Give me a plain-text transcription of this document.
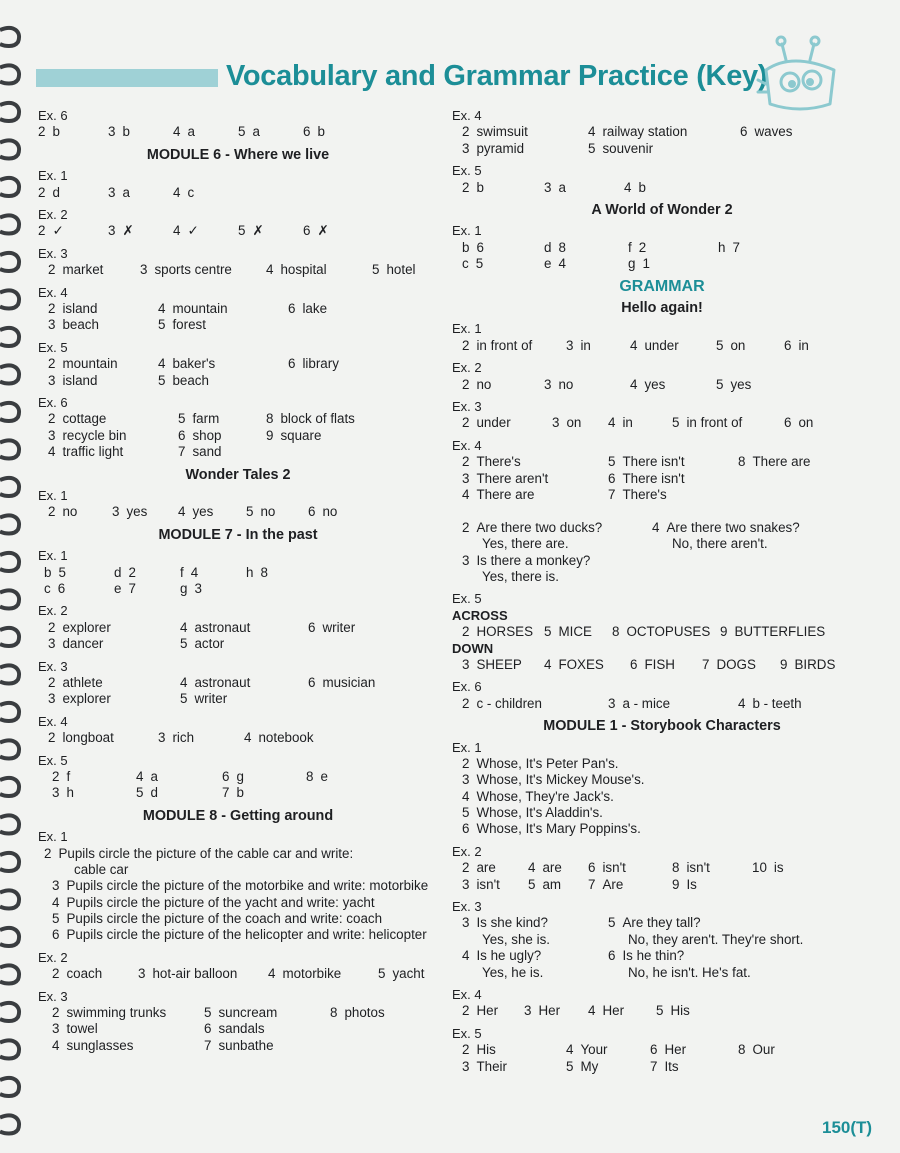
Vocabulary and Grammar Practice (Key)
Ex. 6
2 b	3 b	4 a	5 a	6 b
MODULE 6 - Where we live
Ex. 1
2 d	3 a	4 c
Ex. 2
2 ✓	3 ✗	4 ✓	5 ✗	6 ✗
Ex. 3
2 market	3 sports centre	4 hospital	5 hotel
Ex. 4
2 island	4 mountain	6 lake
3 beach	5 forest
Ex. 5
2 mountain	4 baker's	6 library
3 island	5 beach
Ex. 6
2 cottage	5 farm	8 block of flats
3 recycle bin	6 shop	9 square
4 traffic light	7 sand
Wonder Tales 2
Ex. 1
2 no	3 yes 4 yes 5 no 6 no
MODULE 7 - In the past
Ex. 1
b 5	d 2	f 4	h 8
c 6	e 7	g 3
Ex. 2
2 explorer	4 astronaut	6 writer
3 dancer	5 actor
Ex. 3
2 athlete	4 astronaut	6 musician
3 explorer	5 writer
Ex. 4
2 longboat	3 rich	4 notebook
Ex. 5
2 f	4 a	6 g	8 e
3 h	5 d	7 b
MODULE 8 - Getting around
Ex. 1
2 Pupils circle the picture of the cable car and write:
cable car
3 Pupils circle the picture of the motorbike and write: motorbike
4 Pupils circle the picture of the yacht and write: yacht
5 Pupils circle the picture of the coach and write: coach
6 Pupils circle the picture of the helicopter and write: helicopter
Ex. 2
2 coach	3 hot-air balloon 4 motorbike	5 yacht
Ex. 3
2 swimming trunks	5 suncream	8 photos
3 towel	6 sandals
4 sunglasses	7 sunbathe
Ex. 4
2 swimsuit	4 railway station	6 waves
3 pyramid	5 souvenir
Ex. 5
2 b	3 a	4 b
A World of Wonder 2
Ex. 1
b 6	d 8	f 2	h 7
c 5	e 4	g 1
GRAMMAR
Hello again!
Ex. 1
2 in front of	3 in	4 under	5 on	6 in
Ex. 2
2 no	3 no	4 yes	5 yes
Ex. 3
2 under	3 on 4 in	5 in front of	6 on
Ex. 4
2 There's	5 There isn't	8 There are
3 There aren't	6 There isn't
4 There are	7 There's
2 Are there two ducks?	4 Are there two snakes?
Yes, there are.	No, there aren't.
3 Is there a monkey?
Yes, there is.
Ex. 5
ACROSS
2 HORSES 5 MICE 8 OCTOPUSES 9 BUTTERFLIES
DOWN
3 SHEEP 4 FOXES 6 FISH 7 DOGS 9 BIRDS
Ex. 6
2 c - children	3 a - mice	4 b - teeth
MODULE 1 - Storybook Characters
Ex. 1
2 Whose, It's Peter Pan's.
3 Whose, It's Mickey Mouse's.
4 Whose, They're Jack's.
5 Whose, It's Aladdin's.
6 Whose, It's Mary Poppins's.
Ex. 2
2 are 4 are 6 isn't	8 isn't	10 is
3 isn't 5 am 7 Are	9 Is
Ex. 3
3 Is she kind?	5 Are they tall?
Yes, she is.	No, they aren't. They're short.
4 Is he ugly?	6 Is he thin?
Yes, he is.	No, he isn't. He's fat.
Ex. 4
2 Her 3 Her 4 Her 5 His
Ex. 5
2 His	4 Your	6 Her	8 Our
3 Their	5 My	7 Its
150(T)
